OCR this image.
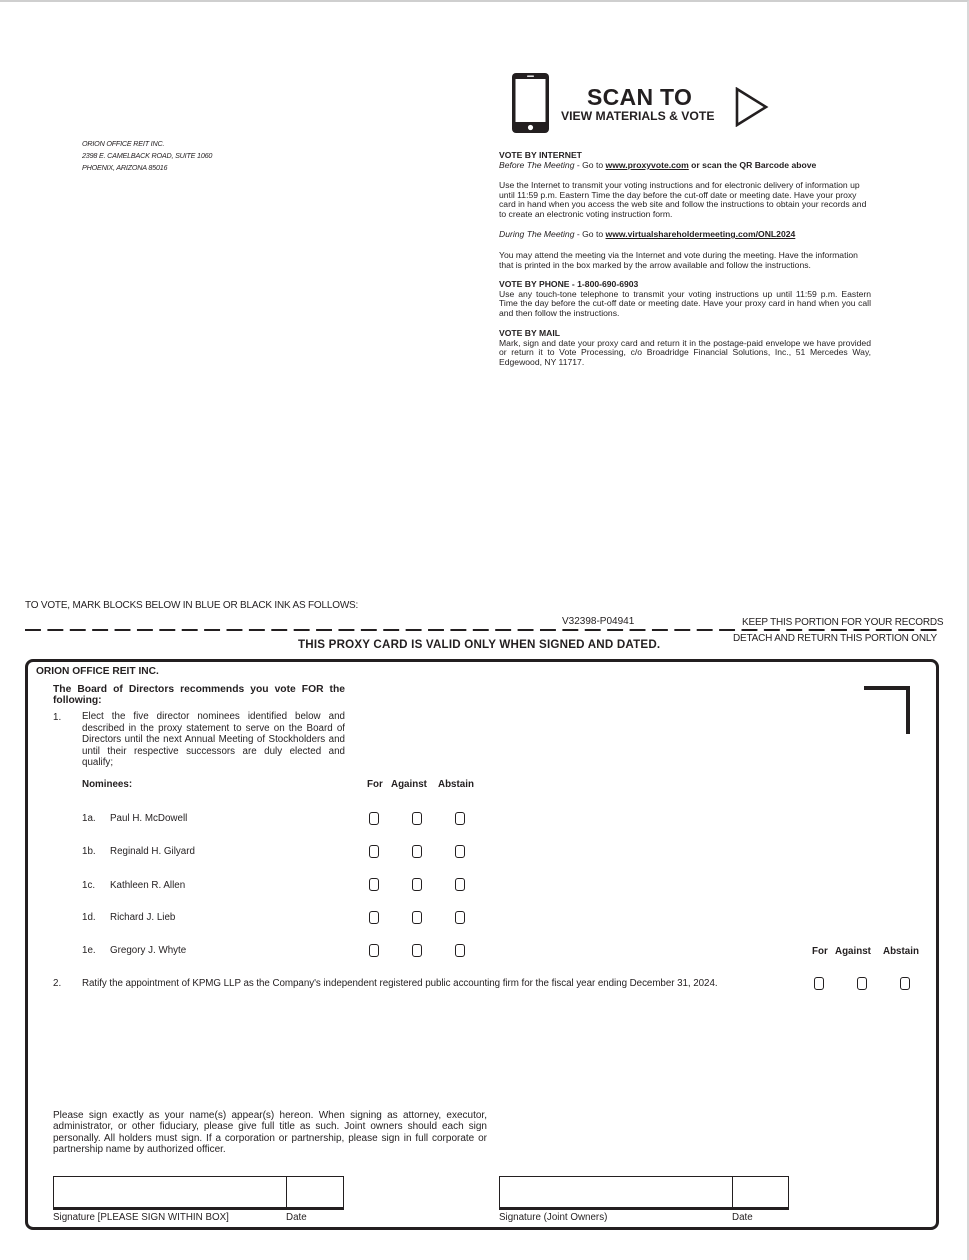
ORION OFFICE REIT INC.
2398 E. CAMELBACK ROAD, SUITE 1060
PHOENIX, ARIZONA 85016
SCAN TO
VIEW MATERIALS & VOTE
VOTE BY INTERNET
Before The Meeting - Go to www.proxyvote.com or scan the QR Barcode above
Use the Internet to transmit your voting instructions and for electronic delivery of information up until 11:59 p.m. Eastern Time the day before the cut-off date or meeting date. Have your proxy card in hand when you access the web site and follow the instructions to obtain your records and to create an electronic voting instruction form.
During The Meeting - Go to www.virtualshareholdermeeting.com/ONL2024
You may attend the meeting via the Internet and vote during the meeting. Have the information that is printed in the box marked by the arrow available and follow the instructions.
VOTE BY PHONE - 1-800-690-6903
Use any touch-tone telephone to transmit your voting instructions up until 11:59 p.m. Eastern Time the day before the cut-off date or meeting date. Have your proxy card in hand when you call and then follow the instructions.
VOTE BY MAIL
Mark, sign and date your proxy card and return it in the postage-paid envelope we have provided or return it to Vote Processing, c/o Broadridge Financial Solutions, Inc., 51 Mercedes Way, Edgewood, NY 11717.
TO VOTE, MARK BLOCKS BELOW IN BLUE OR BLACK INK AS FOLLOWS:
V32398-P04941	KEEP THIS PORTION FOR YOUR RECORDS
DETACH AND RETURN THIS PORTION ONLY
THIS PROXY CARD IS VALID ONLY WHEN SIGNED AND DATED.
ORION OFFICE REIT INC.
The Board of Directors recommends you vote FOR the following:
1. Elect the five director nominees identified below and described in the proxy statement to serve on the Board of Directors until the next Annual Meeting of Stockholders and until their respective successors are duly elected and qualify;
Nominees:	For Against Abstain
1a. Paul H. McDowell
1b. Reginald H. Gilyard
1c. Kathleen R. Allen
1d. Richard J. Lieb
1e. Gregory J. Whyte	For Against Abstain
2. Ratify the appointment of KPMG LLP as the Company's independent registered public accounting firm for the fiscal year ending December 31, 2024.
Please sign exactly as your name(s) appear(s) hereon. When signing as attorney, executor, administrator, or other fiduciary, please give full title as such. Joint owners should each sign personally. All holders must sign. If a corporation or partnership, please sign in full corporate or partnership name by authorized officer.
Signature [PLEASE SIGN WITHIN BOX]	Date	Signature (Joint Owners)	Date
